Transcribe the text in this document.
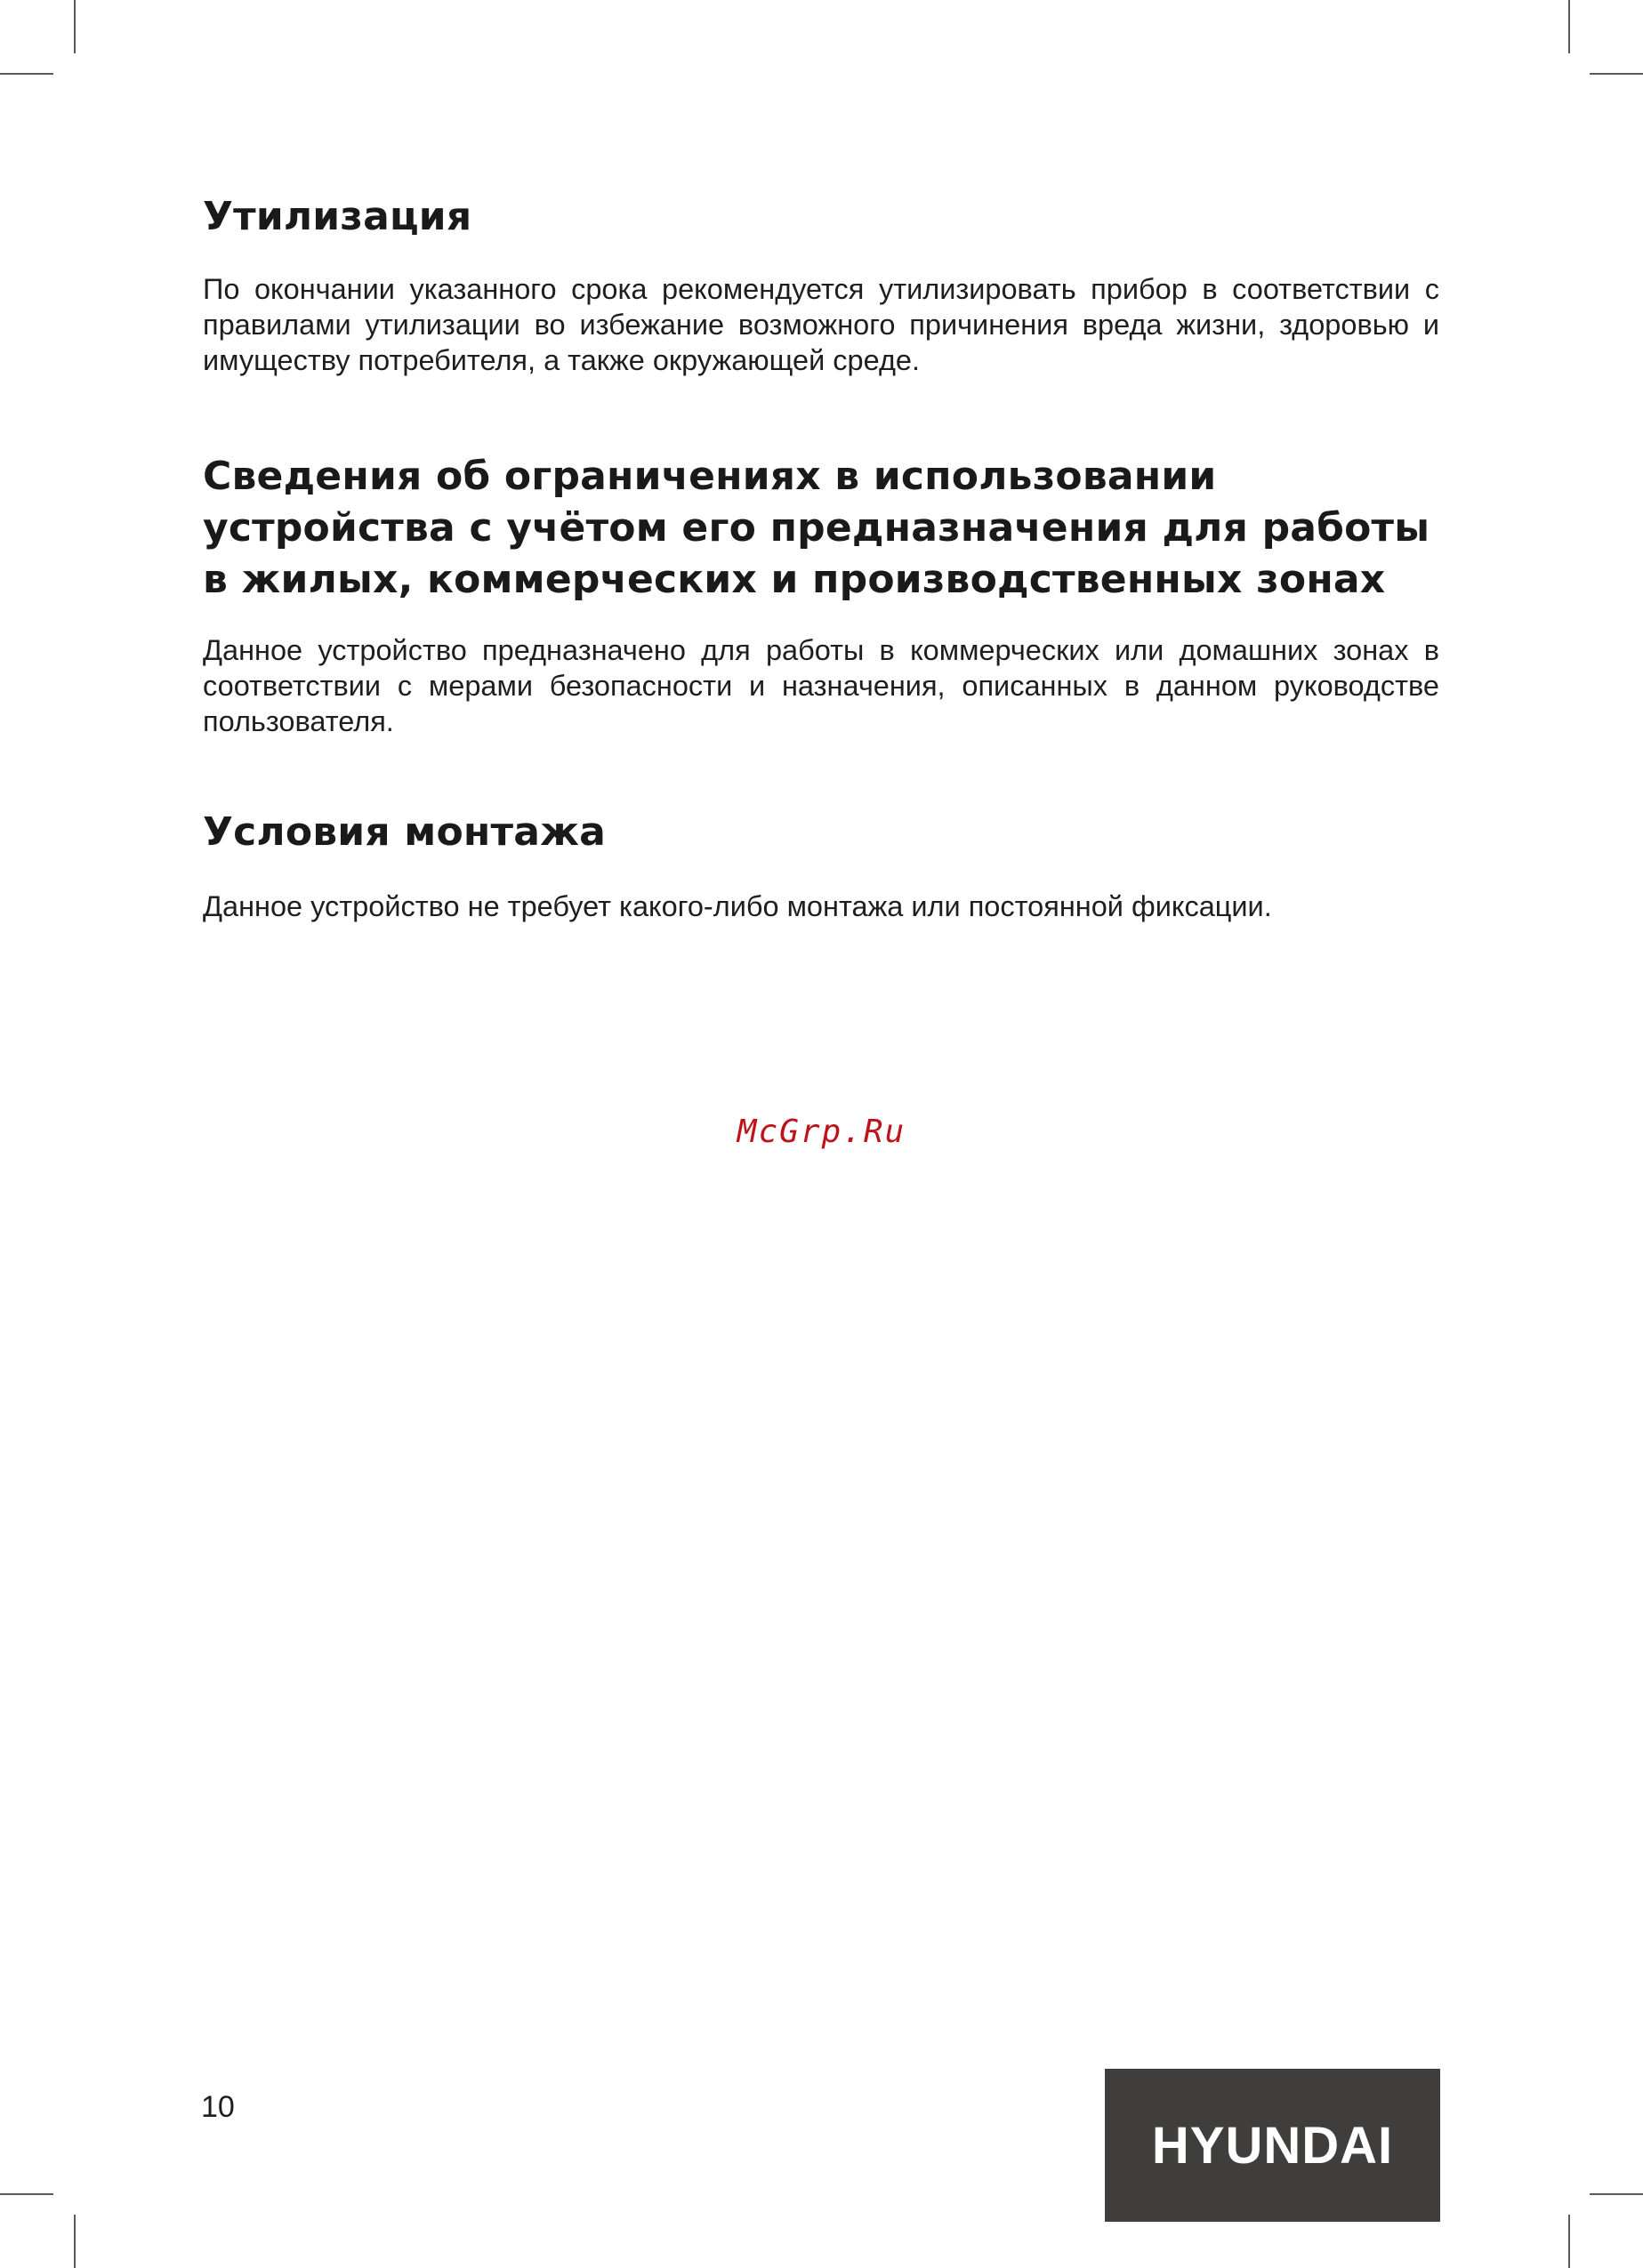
Утилизация

По окончании указанного срока рекомендуется утилизировать прибор в соответствии с правилами утилизации во избежание возможного причинения вреда жизни, здоровью и имуществу потребителя, а также окружающей среде.

Сведения об ограничениях в использовании устройства с учётом его предназначения для работы в жилых, коммерческих и производственных зонах

Данное устройство предназначено для работы в коммерческих или домашних зонах в соответствии с мерами безопасности и назначения, описанных в данном руководстве пользователя.

Условия монтажа

Данное устройство не требует какого-либо монтажа или постоянной фиксации.

McGrp.Ru
10
HYUNDAI
